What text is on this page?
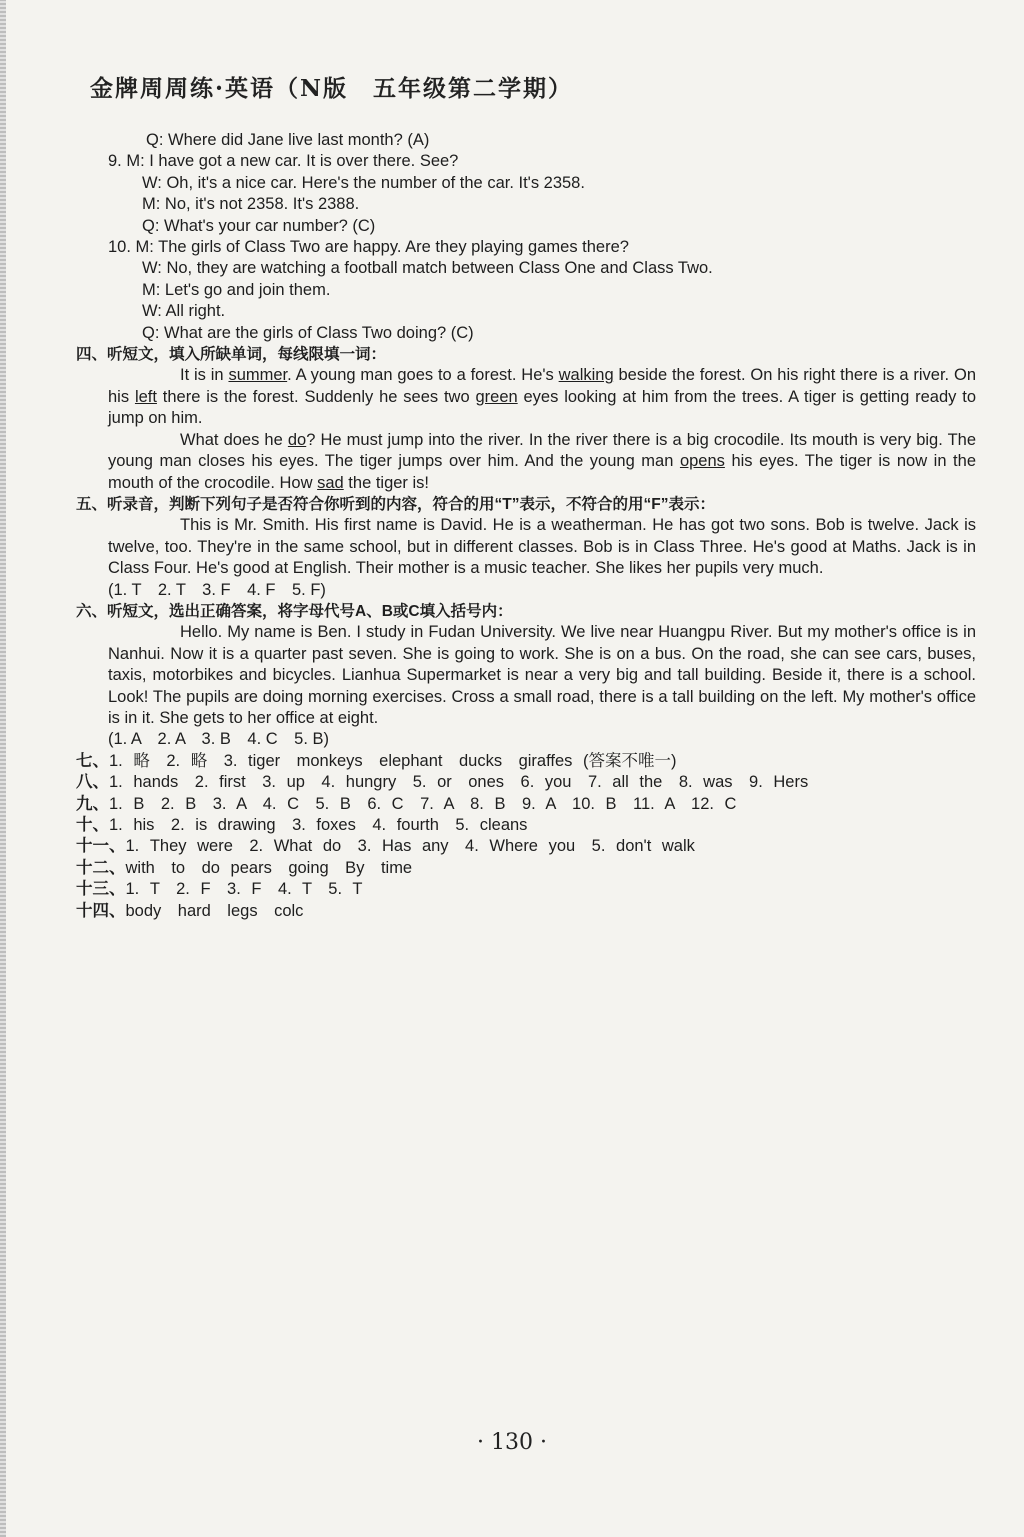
金牌周周练·英语（N版　五年级第二学期）
Q: Where did Jane live last month? (A)
9. M: I have got a new car. It is over there. See?
W: Oh, it's a nice car. Here's the number of the car. It's 2358.
M: No, it's not 2358. It's 2388.
Q: What's your car number? (C)
10. M: The girls of Class Two are happy. Are they playing games there?
W: No, they are watching a football match between Class One and Class Two.
M: Let's go and join them.
W: All right.
Q: What are the girls of Class Two doing? (C)
四、听短文，填入所缺单词，每线限填一词：
It is in summer. A young man goes to a forest. He's walking beside the forest. On his right there is a river. On his left there is the forest. Suddenly he sees two green eyes looking at him from the trees. A tiger is getting ready to jump on him.
What does he do? He must jump into the river. In the river there is a big crocodile. Its mouth is very big. The young man closes his eyes. The tiger jumps over him. And the young man opens his eyes. The tiger is now in the mouth of the crocodile. How sad the tiger is!
五、听录音，判断下列句子是否符合你听到的内容，符合的用“T”表示，不符合的用“F”表示：
This is Mr. Smith. His first name is David. He is a weatherman. He has got two sons. Bob is twelve. Jack is twelve, too. They're in the same school, but in different classes. Bob is in Class Three. He's good at Maths. Jack is in Class Four. He's good at English. Their mother is a music teacher. She likes her pupils very much.
(1. T　2. T　3. F　4. F　5. F)
六、听短文，选出正确答案，将字母代号A、B或C填入括号内：
Hello. My name is Ben. I study in Fudan University. We live near Huangpu River. But my mother's office is in Nanhui. Now it is a quarter past seven. She is going to work. She is on a bus. On the road, she can see cars, buses, taxis, motorbikes and bicycles. Lianhua Supermarket is near a very big and tall building. Beside it, there is a school. Look! The pupils are doing morning exercises. Cross a small road, there is a tall building on the left. My mother's office is in it. She gets to her office at eight.
(1. A　2. A　3. B　4. C　5. B)
七、1. 略　2. 略　3. tiger　monkeys　elephant　ducks　giraffes (答案不唯一)
八、1. hands　2. first　3. up　4. hungry　5. or　ones　6. you　7. all the　8. was　9. Hers
九、1. B　2. B　3. A　4. C　5. B　6. C　7. A　8. B　9. A　10. B　11. A　12. C
十、1. his　2. is drawing　3. foxes　4. fourth　5. cleans
十一、1. They were　2. What do　3. Has any　4. Where you　5. don't walk
十二、with　to　do pears　going　By　time
十三、1. T　2. F　3. F　4. T　5. T
十四、body　hard　legs　colc
· 130 ·
